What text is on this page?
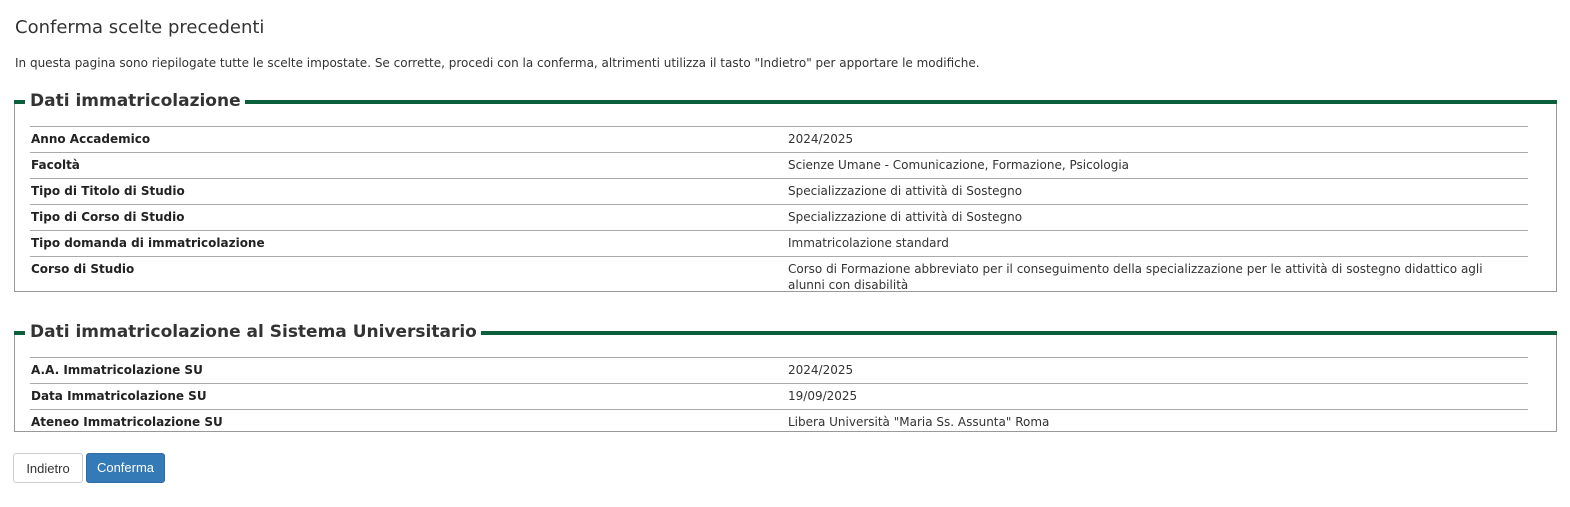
Conferma scelte precedenti

In questa pagina sono riepilogate tutte le scelte impostate. Se corrette, procedi con la conferma, altrimenti utilizza il tasto "Indietro" per apportare le modifiche.

Dati immatricolazione
Anno Accademico	2024/2025
Facoltà	Scienze Umane - Comunicazione, Formazione, Psicologia
Tipo di Titolo di Studio	Specializzazione di attività di Sostegno
Tipo di Corso di Studio	Specializzazione di attività di Sostegno
Tipo domanda di immatricolazione	Immatricolazione standard
Corso di Studio	Corso di Formazione abbreviato per il conseguimento della specializzazione per le attività di sostegno didattico agli alunni con disabilità
Dati immatricolazione al Sistema Universitario
A.A. Immatricolazione SU	2024/2025
Data Immatricolazione SU	19/09/2025
Ateneo Immatricolazione SU	Libera Università "Maria Ss. Assunta" Roma
Indietro	Conferma
